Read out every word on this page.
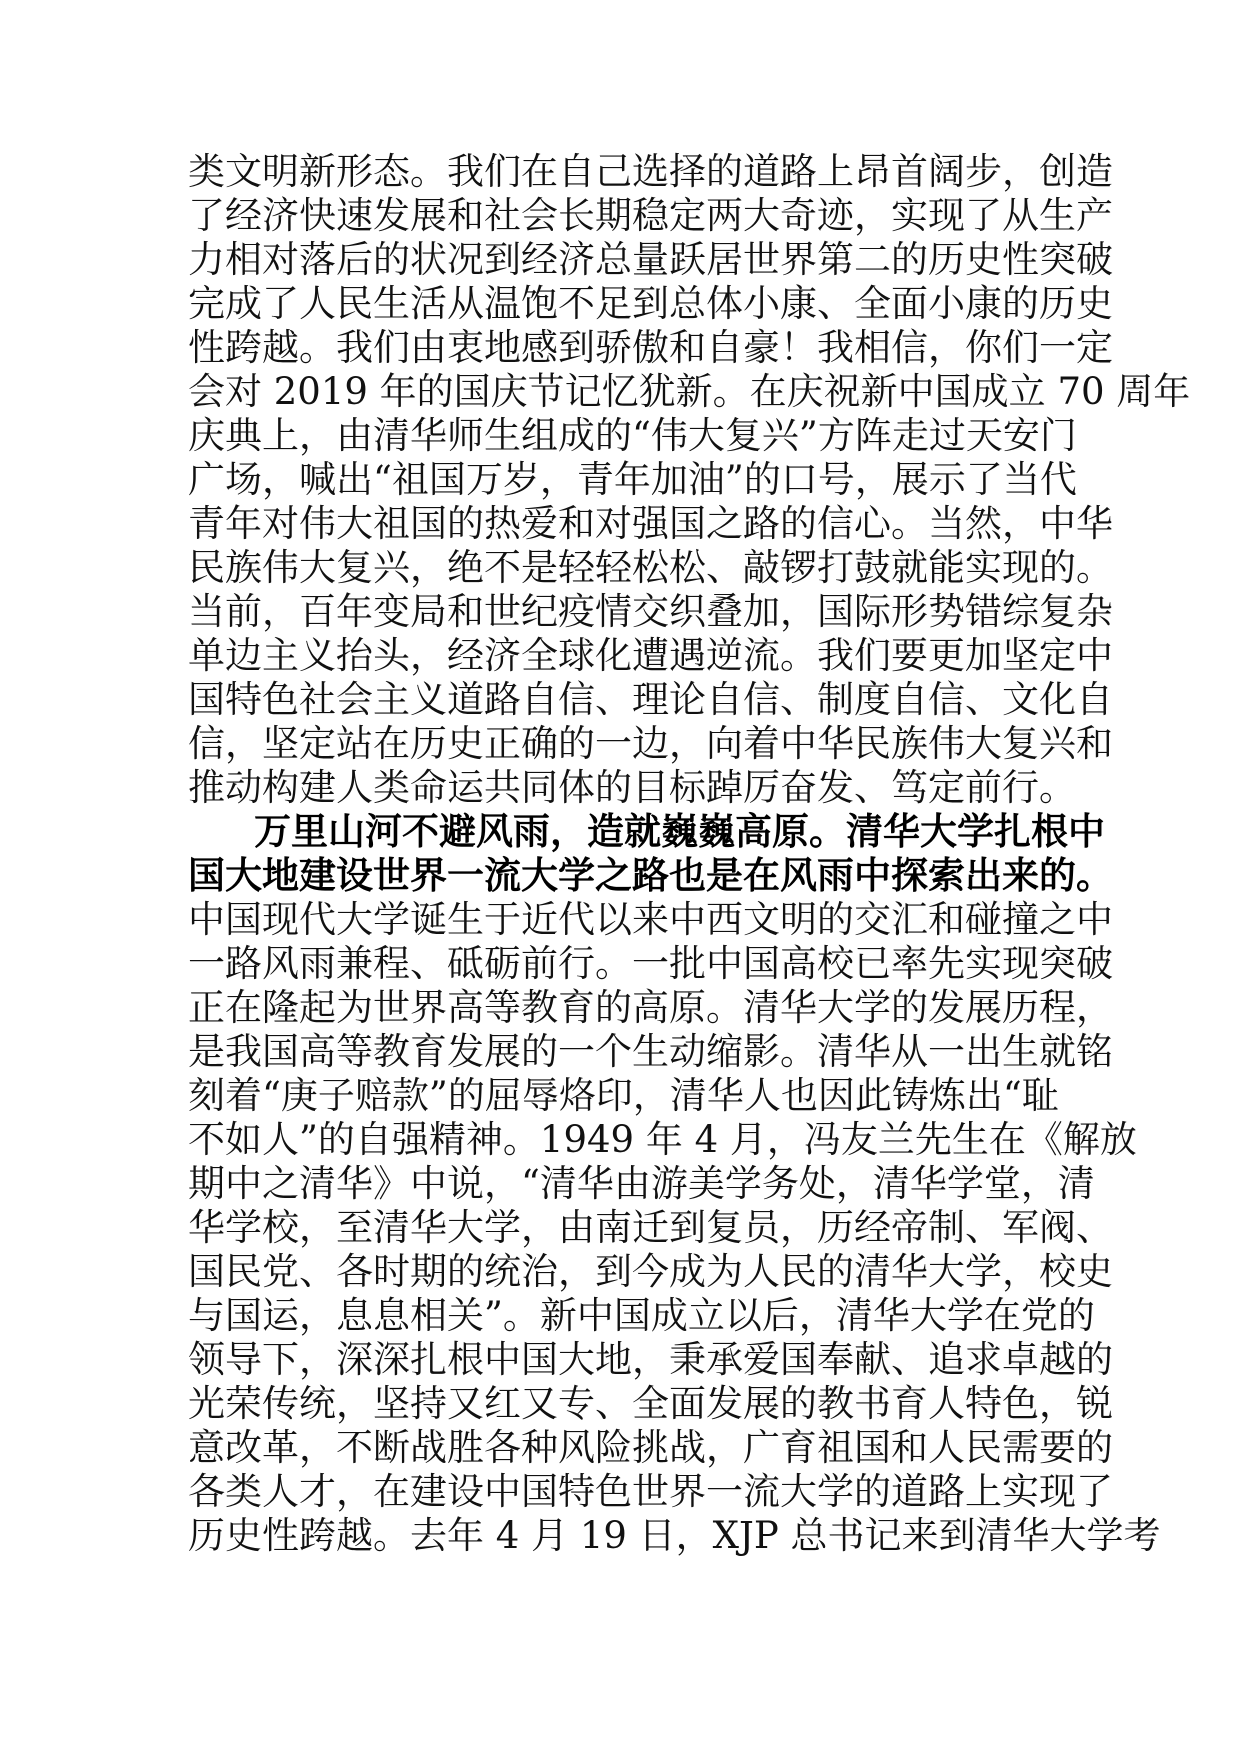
类文明新形态。我们在自己选择的道路上昂首阔步，创造
了经济快速发展和社会长期稳定两大奇迹，实现了从生产
力相对落后的状况到经济总量跃居世界第二的历史性突破
完成了人民生活从温饱不足到总体小康、全面小康的历史
性跨越。我们由衷地感到骄傲和自豪！我相信，你们一定
会对 2019 年的国庆节记忆犹新。在庆祝新中国成立 70 周年
庆典上，由清华师生组成的“伟大复兴”方阵走过天安门
广场，喊出“祖国万岁，青年加油”的口号，展示了当代
青年对伟大祖国的热爱和对强国之路的信心。当然，中华
民族伟大复兴，绝不是轻轻松松、敲锣打鼓就能实现的。
当前，百年变局和世纪疫情交织叠加，国际形势错综复杂
单边主义抬头，经济全球化遭遇逆流。我们要更加坚定中
国特色社会主义道路自信、理论自信、制度自信、文化自
信，坚定站在历史正确的一边，向着中华民族伟大复兴和
推动构建人类命运共同体的目标踔厉奋发、笃定前行。
万里山河不避风雨，造就巍巍高原。清华大学扎根中
国大地建设世界一流大学之路也是在风雨中探索出来的。
中国现代大学诞生于近代以来中西文明的交汇和碰撞之中
一路风雨兼程、砥砺前行。一批中国高校已率先实现突破
正在隆起为世界高等教育的高原。清华大学的发展历程，
是我国高等教育发展的一个生动缩影。清华从一出生就铭
刻着“庚子赔款”的屈辱烙印，清华人也因此铸炼出“耻
不如人”的自强精神。1949 年 4 月，冯友兰先生在《解放
期中之清华》中说，“清华由游美学务处，清华学堂，清
华学校，至清华大学，由南迁到复员，历经帝制、军阀、
国民党、各时期的统治，到今成为人民的清华大学，校史
与国运，息息相关”。新中国成立以后，清华大学在党的
领导下，深深扎根中国大地，秉承爱国奉献、追求卓越的
光荣传统，坚持又红又专、全面发展的教书育人特色，锐
意改革，不断战胜各种风险挑战，广育祖国和人民需要的
各类人才，在建设中国特色世界一流大学的道路上实现了
历史性跨越。去年 4 月 19 日，XJP 总书记来到清华大学考
